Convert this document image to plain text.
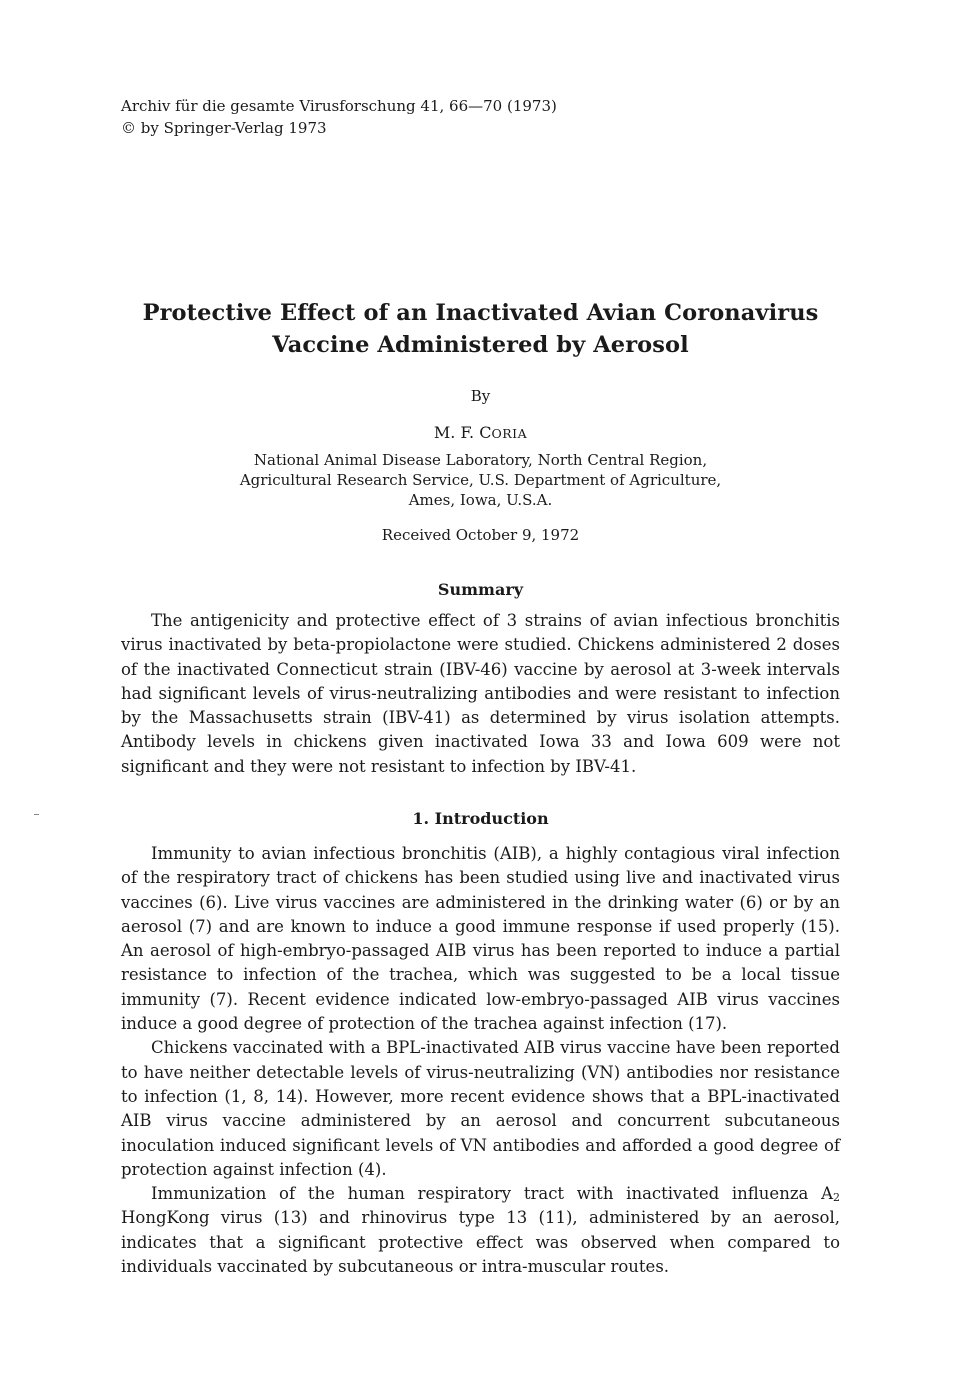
Archiv für die gesamte Virusforschung 41, 66—70 (1973)
© by Springer-Verlag 1973
Protective Effect of an Inactivated Avian Coronavirus
Vaccine Administered by Aerosol
By
M. F. CORIA
National Animal Disease Laboratory, North Central Region,
Agricultural Research Service, U.S. Department of Agriculture,
Ames, Iowa, U.S.A.
Received October 9, 1972
Summary

The antigenicity and protective effect of 3 strains of avian infectious bronchitis virus inactivated by beta-propiolactone were studied. Chickens administered 2 doses of the inactivated Connecticut strain (IBV-46) vaccine by aerosol at 3-week intervals had significant levels of virus-neutralizing antibodies and were resistant to infection by the Massachusetts strain (IBV-41) as determined by virus isolation attempts. Antibody levels in chickens given inactivated Iowa 33 and Iowa 609 were not significant and they were not resistant to infection by IBV-41.

1. Introduction

Immunity to avian infectious bronchitis (AIB), a highly contagious viral infection of the respiratory tract of chickens has been studied using live and inactivated virus vaccines (6). Live virus vaccines are administered in the drinking water (6) or by an aerosol (7) and are known to induce a good immune response if used properly (15). An aerosol of high-embryo-passaged AIB virus has been reported to induce a partial resistance to infection of the trachea, which was suggested to be a local tissue immunity (7). Recent evidence indicated low-embryo-passaged AIB virus vaccines induce a good degree of protection of the trachea against infection (17).

Chickens vaccinated with a BPL-inactivated AIB virus vaccine have been reported to have neither detectable levels of virus-neutralizing (VN) antibodies nor resistance to infection (1, 8, 14). However, more recent evidence shows that a BPL-inactivated AIB virus vaccine administered by an aerosol and concurrent subcutaneous inoculation induced significant levels of VN antibodies and afforded a good degree of protection against infection (4).

Immunization of the human respiratory tract with inactivated influenza $A_2$ HongKong virus (13) and rhinovirus type 13 (11), administered by an aerosol, indicates that a significant protective effect was observed when compared to individuals vaccinated by subcutaneous or intra-muscular routes.
